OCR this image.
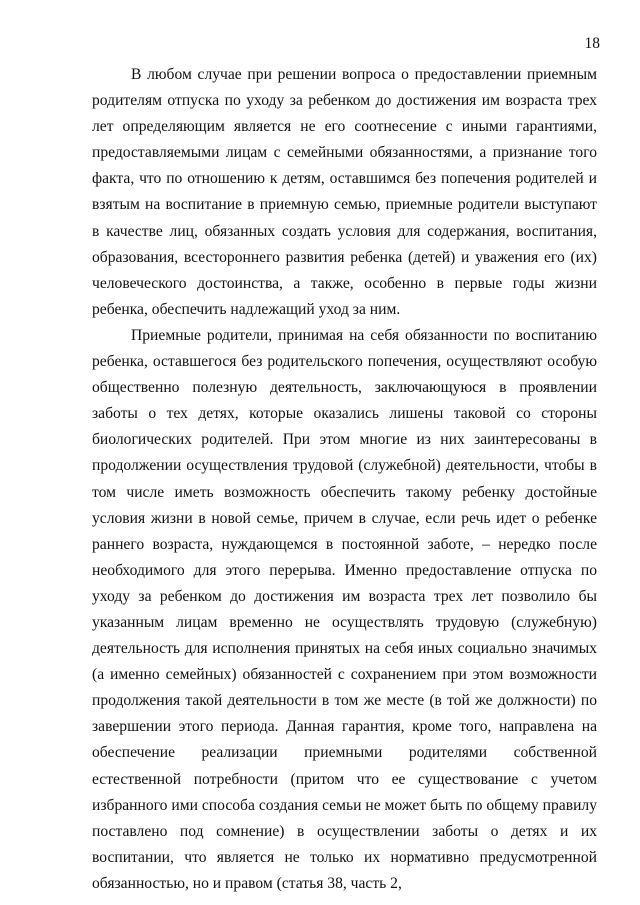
18

В любом случае при решении вопроса о предоставлении приемным родителям отпуска по уходу за ребенком до достижения им возраста трех лет определяющим является не его соотнесение с иными гарантиями, предоставляемыми лицам с семейными обязанностями, а признание того факта, что по отношению к детям, оставшимся без попечения родителей и взятым на воспитание в приемную семью, приемные родители выступают в качестве лиц, обязанных создать условия для содержания, воспитания, образования, всестороннего развития ребенка (детей) и уважения его (их) человеческого достоинства, а также, особенно в первые годы жизни ребенка, обеспечить надлежащий уход за ним.

Приемные родители, принимая на себя обязанности по воспитанию ребенка, оставшегося без родительского попечения, осуществляют особую общественно полезную деятельность, заключающуюся в проявлении заботы о тех детях, которые оказались лишены таковой со стороны биологических родителей. При этом многие из них заинтересованы в продолжении осуществления трудовой (служебной) деятельности, чтобы в том числе иметь возможность обеспечить такому ребенку достойные условия жизни в новой семье, причем в случае, если речь идет о ребенке раннего возраста, нуждающемся в постоянной заботе, – нередко после необходимого для этого перерыва. Именно предоставление отпуска по уходу за ребенком до достижения им возраста трех лет позволило бы указанным лицам временно не осуществлять трудовую (служебную) деятельность для исполнения принятых на себя иных социально значимых (а именно семейных) обязанностей с сохранением при этом возможности продолжения такой деятельности в том же месте (в той же должности) по завершении этого периода. Данная гарантия, кроме того, направлена на обеспечение реализации приемными родителями собственной естественной потребности (притом что ее существование с учетом избранного ими способа создания семьи не может быть по общему правилу поставлено под сомнение) в осуществлении заботы о детях и их воспитании, что является не только их нормативно предусмотренной обязанностью, но и правом (статья 38, часть 2,
